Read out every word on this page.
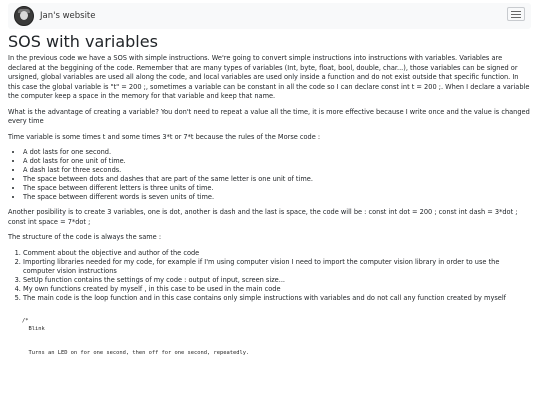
Jan's website
SOS with variables

In the previous code we have a SOS with simple instructions. We're going to convert simple instructions into instructions with variables. Variables are declared at the beggining of the code. Remember that are many types of variables (Int, byte, float, bool, double, char...), those variables can be signed or ursigned, global variables are used all along the code, and local variables are used only inside a function and do not exist outside that specific function. In this case the global variable is "t" = 200 ;, sometimes a variable can be constant in all the code so I can declare const int t = 200 ;. When I declare a variable the computer keep a space in the memory for that variable and keep that name.

What is the advantage of creating a variable? You don't need to repeat a value all the time, it is more effective because I write once and the value is changed every time

Time variable is some times t and some times 3*t or 7*t because the rules of the Morse code :

• A dot lasts for one second.
• A dot lasts for one unit of time.
• A dash last for three seconds.
• The space between dots and dashes that are part of the same letter is one unit of time.
• The space between different letters is three units of time.
• The space between different words is seven units of time.

Another posibility is to create 3 variables, one is dot, another is dash and the last is space, the code will be : const int dot = 200 ; const int dash = 3*dot ; const int space = 7*dot ;

The structure of the code is always the same :

1. Comment about the objective and author of the code
2. Importing libraries needed for my code, for example if I'm using computer vision I need to import the computer vision library in order to use the computer vision instructions
3. SetUp function contains the settings of my code : output of input, screen size...
4. My own functions created by myself , in this case to be used in the main code
5. The main code is the loop function and in this case contains only simple instructions with variables and do not call any function created by myself
/*
Blink

Turns an LED on for one second, then off for one second, repeatedly.
